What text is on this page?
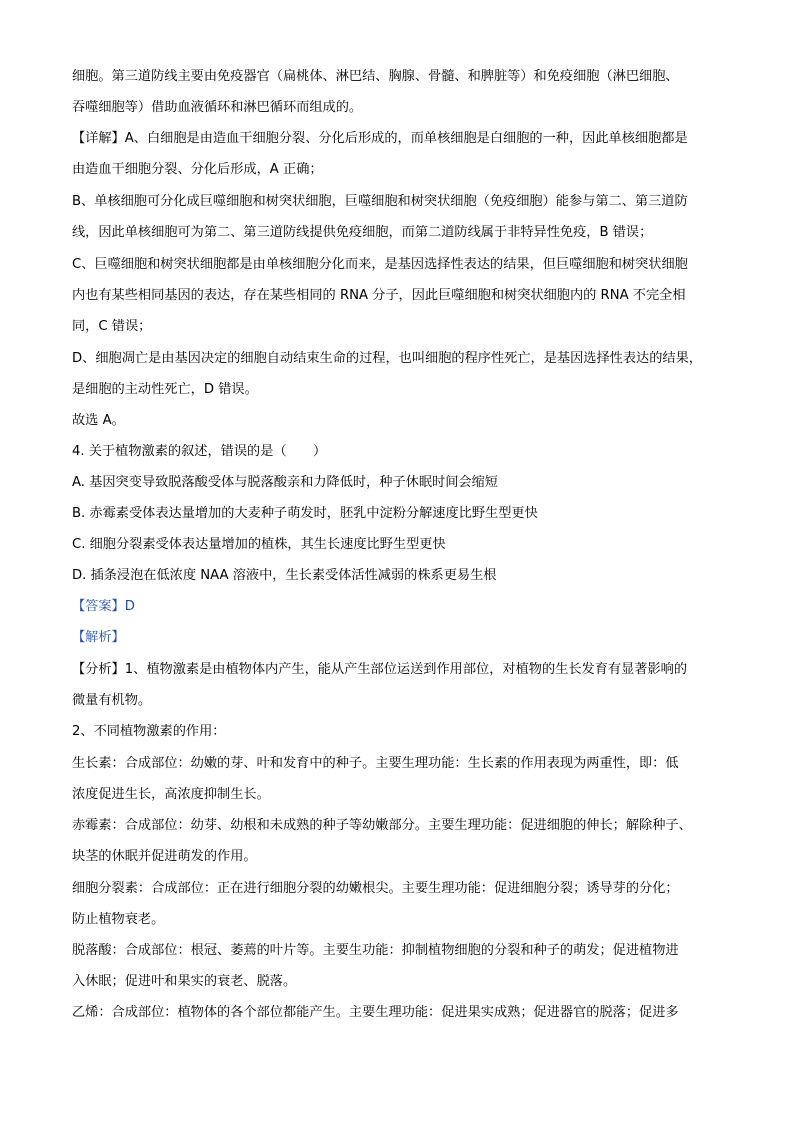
细胞。第三道防线主要由免疫器官（扁桃体、淋巴结、胸腺、骨髓、和脾脏等）和免疫细胞（淋巴细胞、
吞噬细胞等）借助血液循环和淋巴循环而组成的。
【详解】A、白细胞是由造血干细胞分裂、分化后形成的，而单核细胞是白细胞的一种，因此单核细胞都是
由造血干细胞分裂、分化后形成，A 正确；
B、单核细胞可分化成巨噬细胞和树突状细胞，巨噬细胞和树突状细胞（免疫细胞）能参与第二、第三道防
线，因此单核细胞可为第二、第三道防线提供免疫细胞，而第二道防线属于非特异性免疫，B 错误；
C、巨噬细胞和树突状细胞都是由单核细胞分化而来，是基因选择性表达的结果，但巨噬细胞和树突状细胞
内也有某些相同基因的表达，存在某些相同的 RNA 分子，因此巨噬细胞和树突状细胞内的 RNA 不完全相
同，C 错误；
D、细胞凋亡是由基因决定的细胞自动结束生命的过程，也叫细胞的程序性死亡，是基因选择性表达的结果，
是细胞的主动性死亡，D 错误。
故选 A。
4. 关于植物激素的叙述，错误的是（　　）
A. 基因突变导致脱落酸受体与脱落酸亲和力降低时，种子休眠时间会缩短
B. 赤霉素受体表达量增加的大麦种子萌发时，胚乳中淀粉分解速度比野生型更快
C. 细胞分裂素受体表达量增加的植株，其生长速度比野生型更快
D. 插条浸泡在低浓度 NAA 溶液中，生长素受体活性减弱的株系更易生根
【答案】D
【解析】
【分析】1、植物激素是由植物体内产生，能从产生部位运送到作用部位，对植物的生长发育有显著影响的
微量有机物。
2、不同植物激素的作用：
生长素：合成部位：幼嫩的芽、叶和发育中的种子。主要生理功能：生长素的作用表现为两重性，即：低
浓度促进生长，高浓度抑制生长。
赤霉素：合成部位：幼芽、幼根和未成熟的种子等幼嫩部分。主要生理功能：促进细胞的伸长；解除种子、
块茎的休眠并促进萌发的作用。
细胞分裂素：合成部位：正在进行细胞分裂的幼嫩根尖。主要生理功能：促进细胞分裂；诱导芽的分化；
防止植物衰老。
脱落酸：合成部位：根冠、萎蔫的叶片等。主要生功能：抑制植物细胞的分裂和种子的萌发；促进植物进
入休眠；促进叶和果实的衰老、脱落。
乙烯：合成部位：植物体的各个部位都能产生。主要生理功能：促进果实成熟；促进器官的脱落；促进多
